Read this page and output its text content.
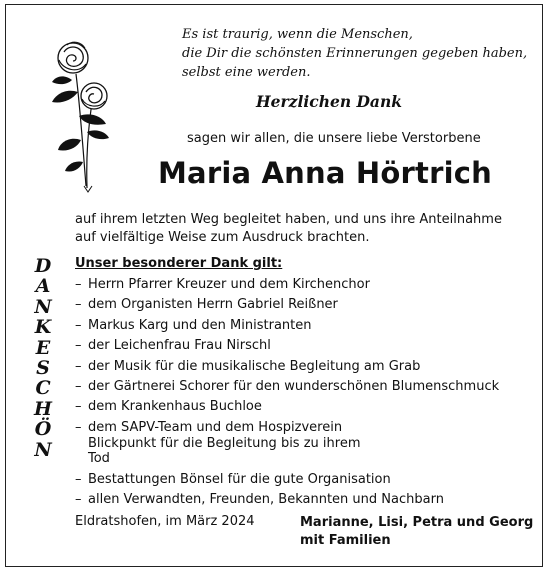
Es ist traurig, wenn die Menschen,
die Dir die schönsten Erinnerungen gegeben haben,
selbst eine werden.
Herzlichen Dank
sagen wir allen, die unsere liebe Verstorbene
Maria Anna Hörtrich
auf ihrem letzten Weg begleitet haben, und uns ihre Anteilnahme
auf vielfältige Weise zum Ausdruck brachten.
D
A
N
K
E
S
C
H
Ö
N
Unser besonderer Dank gilt:
– Herrn Pfarrer Kreuzer und dem Kirchenchor
– dem Organisten Herrn Gabriel Reißner
– Markus Karg und den Ministranten
– der Leichenfrau Frau Nirschl
– der Musik für die musikalische Begleitung am Grab
– der Gärtnerei Schorer für den wunderschönen Blumenschmuck
– dem Krankenhaus Buchloe
– dem SAPV-Team und dem Hospizverein Blickpunkt für die Begleitung bis zu ihrem Tod
– Bestattungen Bönsel für die gute Organisation
– allen Verwandten, Freunden, Bekannten und Nachbarn
Eldratshofen, im März 2024	Marianne, Lisi, Petra und Georg
mit Familien
